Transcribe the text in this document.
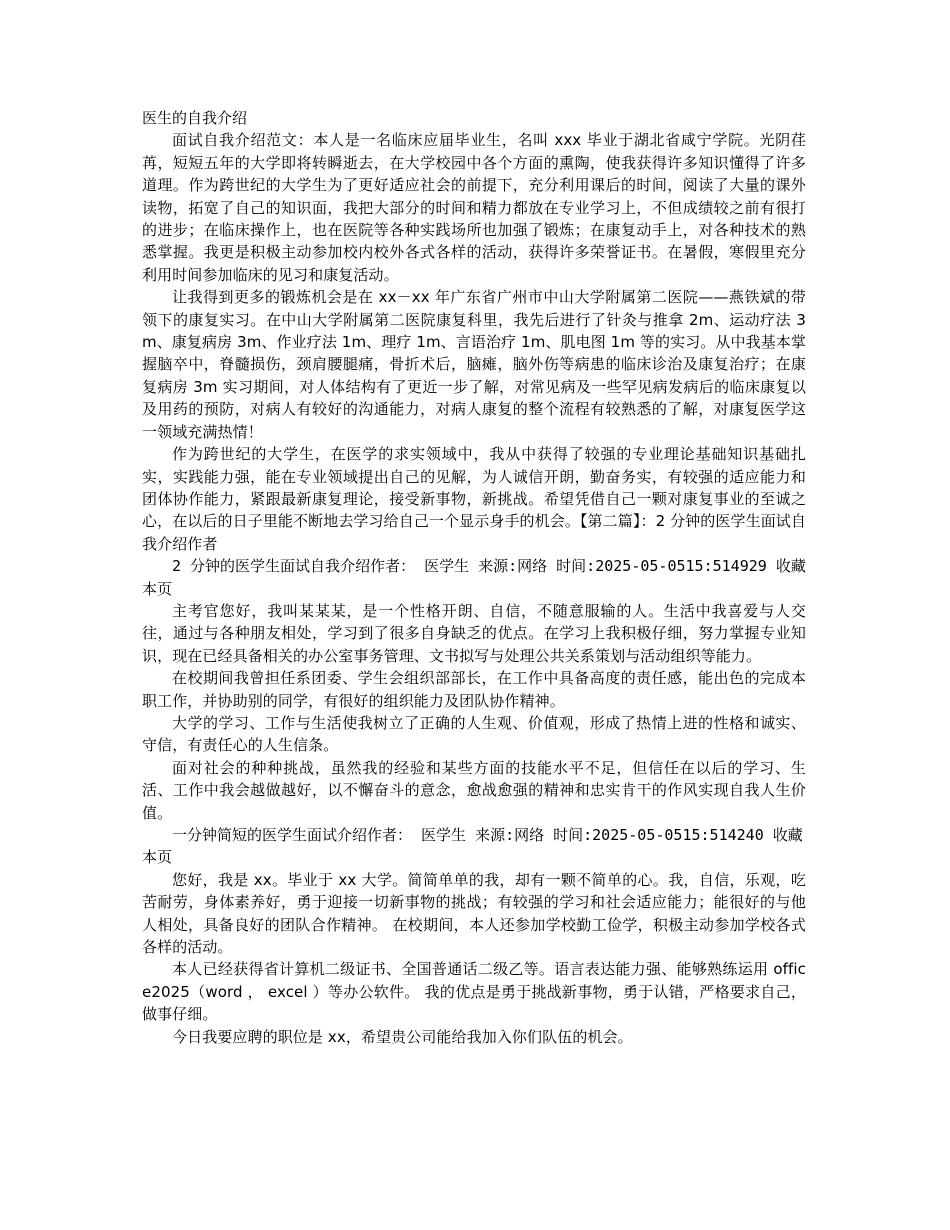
医生的自我介绍

面试自我介绍范文：本人是一名临床应届毕业生，名叫 xxx 毕业于湖北省咸宁学院。光阴荏苒，短短五年的大学即将转瞬逝去，在大学校园中各个方面的熏陶，使我获得许多知识懂得了许多道理。作为跨世纪的大学生为了更好适应社会的前提下，充分利用课后的时间，阅读了大量的课外读物，拓宽了自己的知识面，我把大部分的时间和精力都放在专业学习上，不但成绩较之前有很打的进步；在临床操作上，也在医院等各种实践场所也加强了锻炼；在康复动手上，对各种技术的熟悉掌握。我更是积极主动参加校内校外各式各样的活动，获得许多荣誉证书。在暑假，寒假里充分利用时间参加临床的见习和康复活动。

让我得到更多的锻炼机会是在 xx－xx 年广东省广州市中山大学附属第二医院——燕铁斌的带领下的康复实习。在中山大学附属第二医院康复科里，我先后进行了针灸与推拿 2m、运动疗法 3m、康复病房 3m、作业疗法 1m、理疗 1m、言语治疗 1m、肌电图 1m 等的实习。从中我基本掌握脑卒中，脊髓损伤，颈肩腰腿痛，骨折术后，脑瘫，脑外伤等病患的临床诊治及康复治疗；在康复病房 3m 实习期间，对人体结构有了更近一步了解，对常见病及一些罕见病发病后的临床康复以及用药的预防，对病人有较好的沟通能力，对病人康复的整个流程有较熟悉的了解，对康复医学这一领域充满热情！

作为跨世纪的大学生，在医学的求实领域中，我从中获得了较强的专业理论基础知识基础扎实，实践能力强，能在专业领域提出自己的见解，为人诚信开朗，勤奋务实，有较强的适应能力和团体协作能力，紧跟最新康复理论，接受新事物，新挑战。希望凭借自己一颗对康复事业的至诚之心，在以后的日子里能不断地去学习给自己一个显示身手的机会。【第二篇】：2 分钟的医学生面试自我介绍作者

2 分钟的医学生面试自我介绍作者： 医学生 来源:网络 时间:2025-05-0515:514929 收藏本页

主考官您好，我叫某某某，是一个性格开朗、自信，不随意服输的人。生活中我喜爱与人交往，通过与各种朋友相处，学习到了很多自身缺乏的优点。在学习上我积极仔细，努力掌握专业知识，现在已经具备相关的办公室事务管理、文书拟写与处理公共关系策划与活动组织等能力。

在校期间我曾担任系团委、学生会组织部部长，在工作中具备高度的责任感，能出色的完成本职工作，并协助别的同学，有很好的组织能力及团队协作精神。

大学的学习、工作与生活使我树立了正确的人生观、价值观，形成了热情上进的性格和诚实、守信，有责任心的人生信条。

面对社会的种种挑战，虽然我的经验和某些方面的技能水平不足，但信任在以后的学习、生活、工作中我会越做越好，以不懈奋斗的意念，愈战愈强的精神和忠实肯干的作风实现自我人生价值。

一分钟简短的医学生面试介绍作者： 医学生 来源:网络 时间:2025-05-0515:514240 收藏本页

您好，我是 xx。毕业于 xx 大学。简简单单的我，却有一颗不简单的心。我，自信，乐观，吃苦耐劳，身体素养好，勇于迎接一切新事物的挑战；有较强的学习和社会适应能力；能很好的与他人相处，具备良好的团队合作精神。 在校期间，本人还参加学校勤工俭学，积极主动参加学校各式各样的活动。

本人已经获得省计算机二级证书、全国普通话二级乙等。语言表达能力强、能够熟练运用 office2025（word ， excel ）等办公软件。 我的优点是勇于挑战新事物，勇于认错，严格要求自己，做事仔细。

今日我要应聘的职位是 xx，希望贵公司能给我加入你们队伍的机会。
